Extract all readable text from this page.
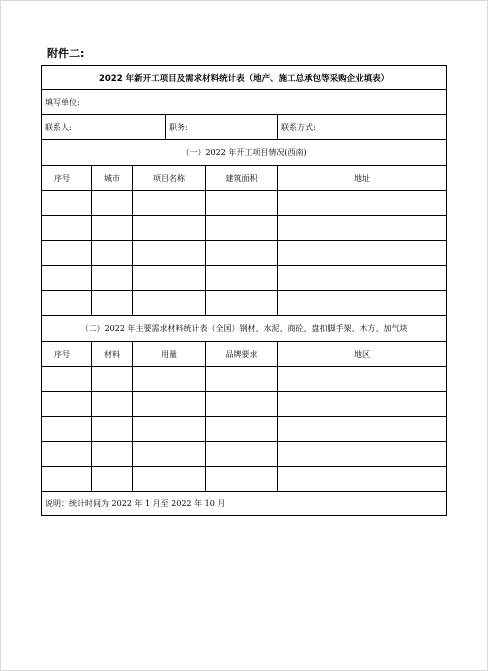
附件二:
2022 年新开工项目及需求材料统计表（地产、施工总承包等采购企业填表）					
填写单位:					
联系人:			职务:		联系方式:
（一）2022 年开工项目情况(西南)					
序号	城市	项目名称		建筑面积	地址

（二）2022 年主要需求材料统计表（全国）钢材、水泥、商砼、盘扣脚手架、木方、加气块					
序号	材料	用量		品牌要求	地区

说明：统计时间为 2022 年 1 月至 2022 年 10 月					
